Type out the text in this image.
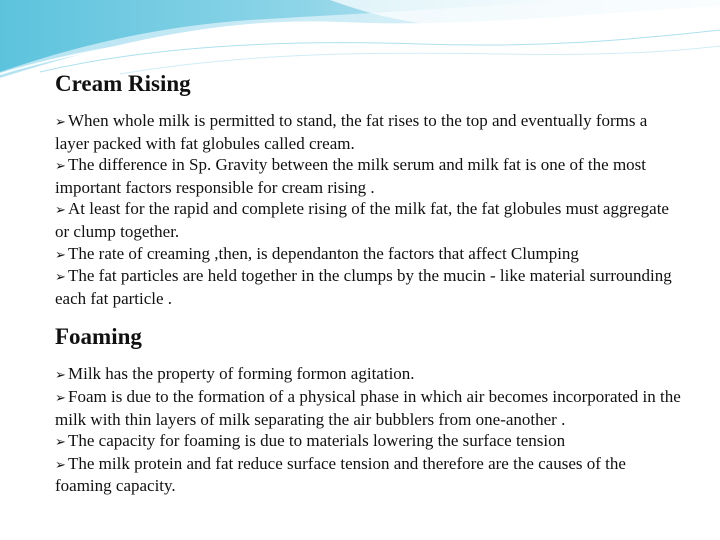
Cream Rising
➢ When whole milk is permitted to stand, the fat rises to the top and eventually forms a layer packed with fat globules called cream.
➢ The difference in Sp. Gravity between the milk serum and milk fat is one of the most important factors responsible for cream rising .
➢ At least for the rapid and complete rising of the milk fat, the fat globules must aggregate or clump together.
➢ The rate of creaming ,then, is dependanton the factors that affect Clumping
➢ The fat particles are held together in the clumps by the mucin - like material surrounding each fat particle .
Foaming
➢ Milk has the property of forming formon agitation.
➢ Foam is due to the formation of a physical phase in which air becomes incorporated in the milk with thin layers of milk separating the air bubblers from one-another .
➢ The capacity for foaming is due to materials lowering the surface tension
➢ The milk protein and fat reduce surface tension and therefore are the causes of the foaming capacity.
